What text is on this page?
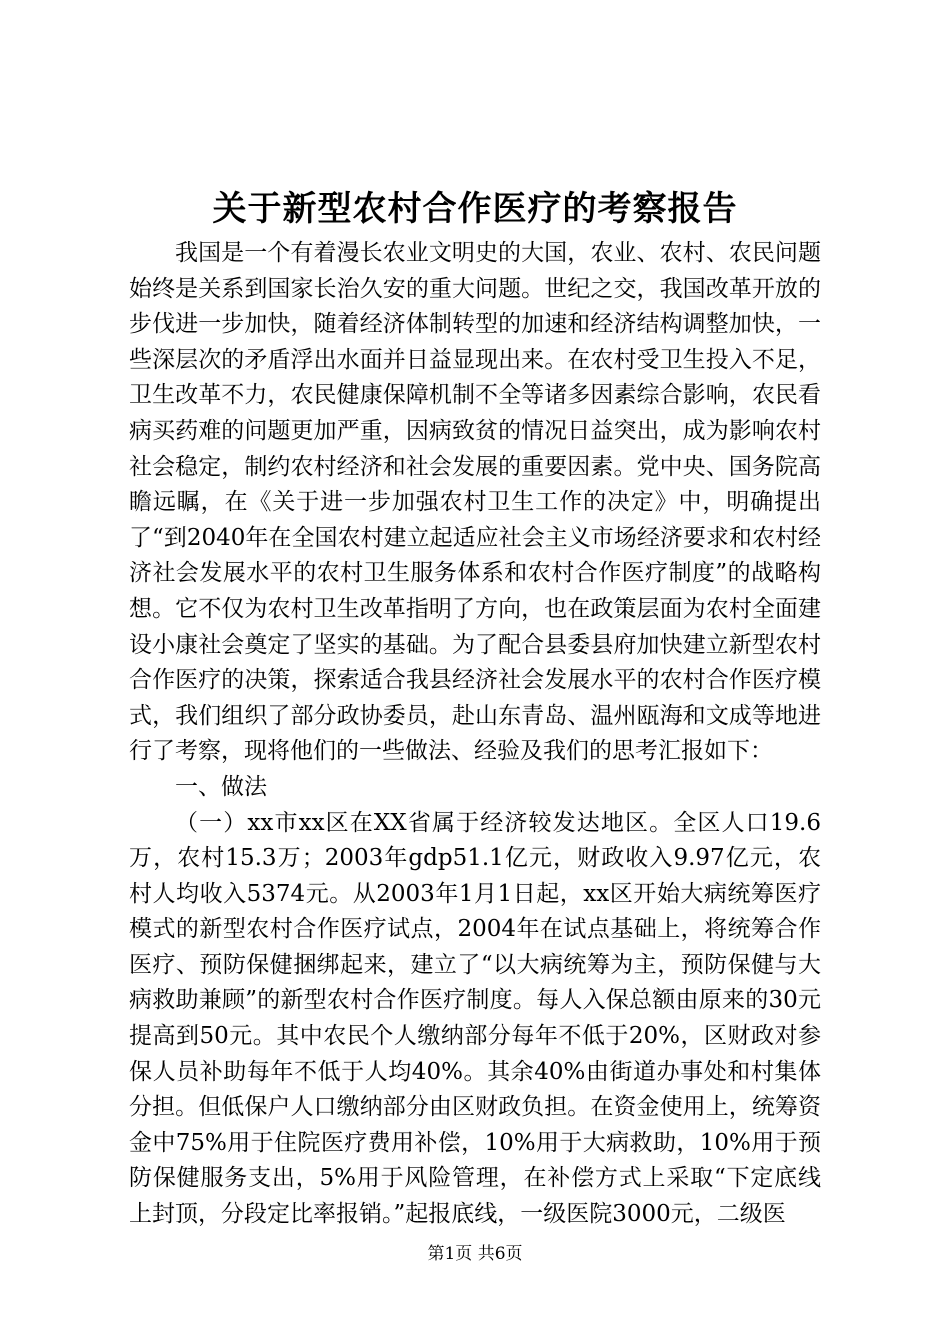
关于新型农村合作医疗的考察报告

我国是一个有着漫长农业文明史的大国，农业、农村、农民问题始终是关系到国家长治久安的重大问题。世纪之交，我国改革开放的步伐进一步加快，随着经济体制转型的加速和经济结构调整加快，一些深层次的矛盾浮出水面并日益显现出来。在农村受卫生投入不足，卫生改革不力，农民健康保障机制不全等诸多因素综合影响，农民看病买药难的问题更加严重，因病致贫的情况日益突出，成为影响农村社会稳定，制约农村经济和社会发展的重要因素。党中央、国务院高瞻远瞩，在《关于进一步加强农村卫生工作的决定》中，明确提出了“到2040年在全国农村建立起适应社会主义市场经济要求和农村经济社会发展水平的农村卫生服务体系和农村合作医疗制度”的战略构想。它不仅为农村卫生改革指明了方向，也在政策层面为农村全面建设小康社会奠定了坚实的基础。为了配合县委县府加快建立新型农村合作医疗的决策，探索适合我县经济社会发展水平的农村合作医疗模式，我们组织了部分政协委员，赴山东青岛、温州瓯海和文成等地进行了考察，现将他们的一些做法、经验及我们的思考汇报如下：

一、做法

（一）xx市xx区在XX省属于经济较发达地区。全区人口19.6万，农村15.3万；2003年gdp51.1亿元，财政收入9.97亿元，农村人均收入5374元。从2003年1月1日起，xx区开始大病统筹医疗模式的新型农村合作医疗试点，2004年在试点基础上，将统筹合作医疗、预防保健捆绑起来，建立了“以大病统筹为主，预防保健与大病救助兼顾”的新型农村合作医疗制度。每人入保总额由原来的30元提高到50元。其中农民个人缴纳部分每年不低于20%，区财政对参保人员补助每年不低于人均40%。其余40%由街道办事处和村集体分担。但低保户人口缴纳部分由区财政负担。在资金使用上，统筹资金中75%用于住院医疗费用补偿，10%用于大病救助，10%用于预防保健服务支出，5%用于风险管理，在补偿方式上采取“下定底线上封顶，分段定比率报销。”起报底线，一级医院3000元，二级医

第1页 共6页
